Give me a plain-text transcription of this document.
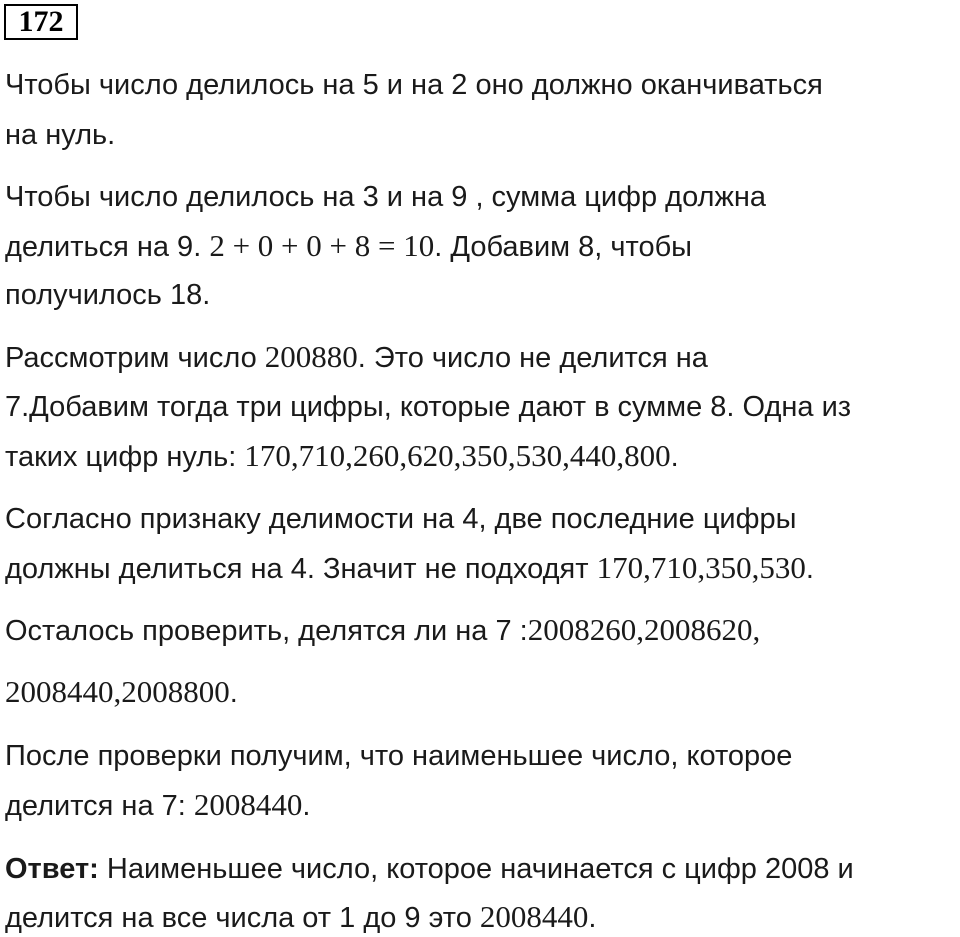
172
Чтобы число делилось на 5 и на 2 оно должно оканчиваться
на нуль.
Чтобы число делилось на 3 и на 9 , сумма цифр должна
делиться на 9. 2 + 0 + 0 + 8 = 10. Добавим 8, чтобы
получилось 18.
Рассмотрим число 200880. Это число не делится на
7.Добавим тогда три цифры, которые дают в сумме 8. Одна из
таких цифр нуль: 170,710,260,620,350,530,440,800.
Согласно признаку делимости на 4, две последние цифры
должны делиться на 4. Значит не подходят 170,710,350,530.
Осталось проверить, делятся ли на 7 :2008260,2008620,
2008440,2008800.
После проверки получим, что наименьшее число, которое
делится на 7: 2008440.
Ответ: Наименьшее число, которое начинается с цифр 2008 и
делится на все числа от 1 до 9 это 2008440.
